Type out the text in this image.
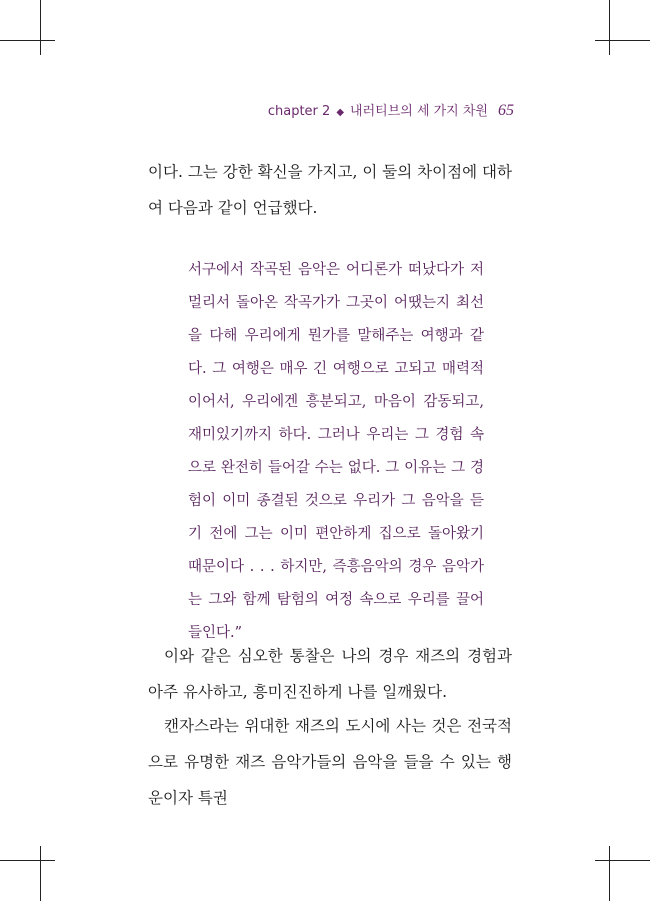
chapter 2 ◆ 내러티브의 세 가지 차원 65

이다. 그는 강한 확신을 가지고, 이 둘의 차이점에 대하여 다음과 같이 언급했다.

서구에서 작곡된 음악은 어디론가 떠났다가 저 멀리서 돌아온 작곡가가 그곳이 어땠는지 최선을 다해 우리에게 뭔가를 말해주는 여행과 같다. 그 여행은 매우 긴 여행으로 고되고 매력적이어서, 우리에겐 흥분되고, 마음이 감동되고, 재미있기까지 하다. 그러나 우리는 그 경험 속으로 완전히 들어갈 수는 없다. 그 이유는 그 경험이 이미 종결된 것으로 우리가 그 음악을 듣기 전에 그는 이미 편안하게 집으로 돌아왔기 때문이다 . . . 하지만, 즉흥음악의 경우 음악가는 그와 함께 탐험의 여정 속으로 우리를 끌어들인다.”

이와 같은 심오한 통찰은 나의 경우 재즈의 경험과 아주 유사하고, 흥미진진하게 나를 일깨웠다.

캔자스라는 위대한 재즈의 도시에 사는 것은 전국적으로 유명한 재즈 음악가들의 음악을 들을 수 있는 행운이자 특권
